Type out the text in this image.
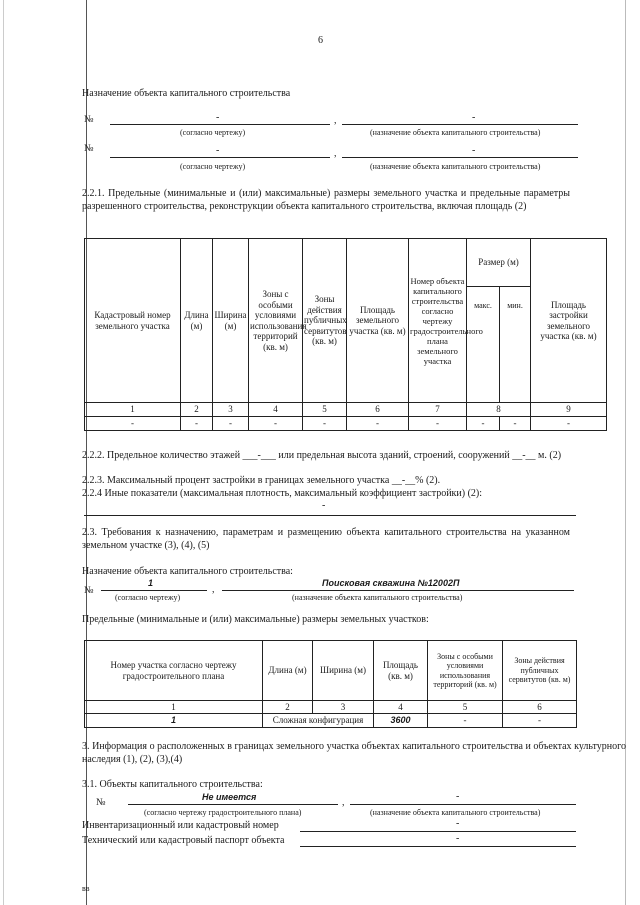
6
Назначение объекта капитального строительства
№	-	,	-
(согласно чертежу)	(назначение объекта капитального строительства)
№	-	,	-
(согласно чертежу)	(назначение объекта капитального строительства)
2.2.1. Предельные (минимальные и (или) максимальные) размеры земельного участка и предельные параметры разрешенного строительства, реконструкции объекта капитального строительства, включая площадь (2)
Кадастровый номер земельного участка	Длина (м)	Ширина (м)	Зоны с особыми условиями использования территорий (кв. м)	Зоны действия публичных сервитутов (кв. м)	Площадь земельного участка (кв. м)	Номер объекта капитального строительства согласно чертежу градостроительного плана земельного участка	Размер (м)		Площадь застройки земельного участка (кв. м)
							макс.	мин.	
1	2	3	4	5	6	7	8		9
-	-	-	-	-	-	-	-	-	-
2.2.2. Предельное количество этажей ___-___ или предельная высота зданий, строений, сооружений __-__ м. (2)
2.2.3. Максимальный процент застройки в границах земельного участка __-__% (2).
2.2.4 Иные показатели (максимальная плотность, максимальный коэффициент застройки) (2):
-
2.3. Требования к назначению, параметрам и размещению объекта капитального строительства на указанном земельном участке (3), (4), (5)
Назначение объекта капитального строительства:
№
1
,
Поисковая скважина №12002П
(согласно чертежу)	(назначение объекта капитального строительства)
Предельные (минимальные и (или) максимальные) размеры земельных участков:
Номер участка согласно чертежу градостроительного плана	Длина (м)	Ширина (м)	Площадь (кв. м)	Зоны с особыми условиями использования территорий (кв. м)	Зоны действия публичных сервитутов (кв. м)
1	2	3	4	5	6
1	Сложная конфигурация		3600	-	-
3. Информация о расположенных в границах земельного участка объектах капитального строительства и объектах культурного наследия (1), (2), (3),(4)
3.1. Объекты капитального строительства:
№	Не имеется	,
-
(согласно чертежу градостроительного плана)	(назначение объекта капитального строительства)
Инвентаризационный или кадастровый номер	-
Технический или кадастровый паспорт объекта	-
вв
